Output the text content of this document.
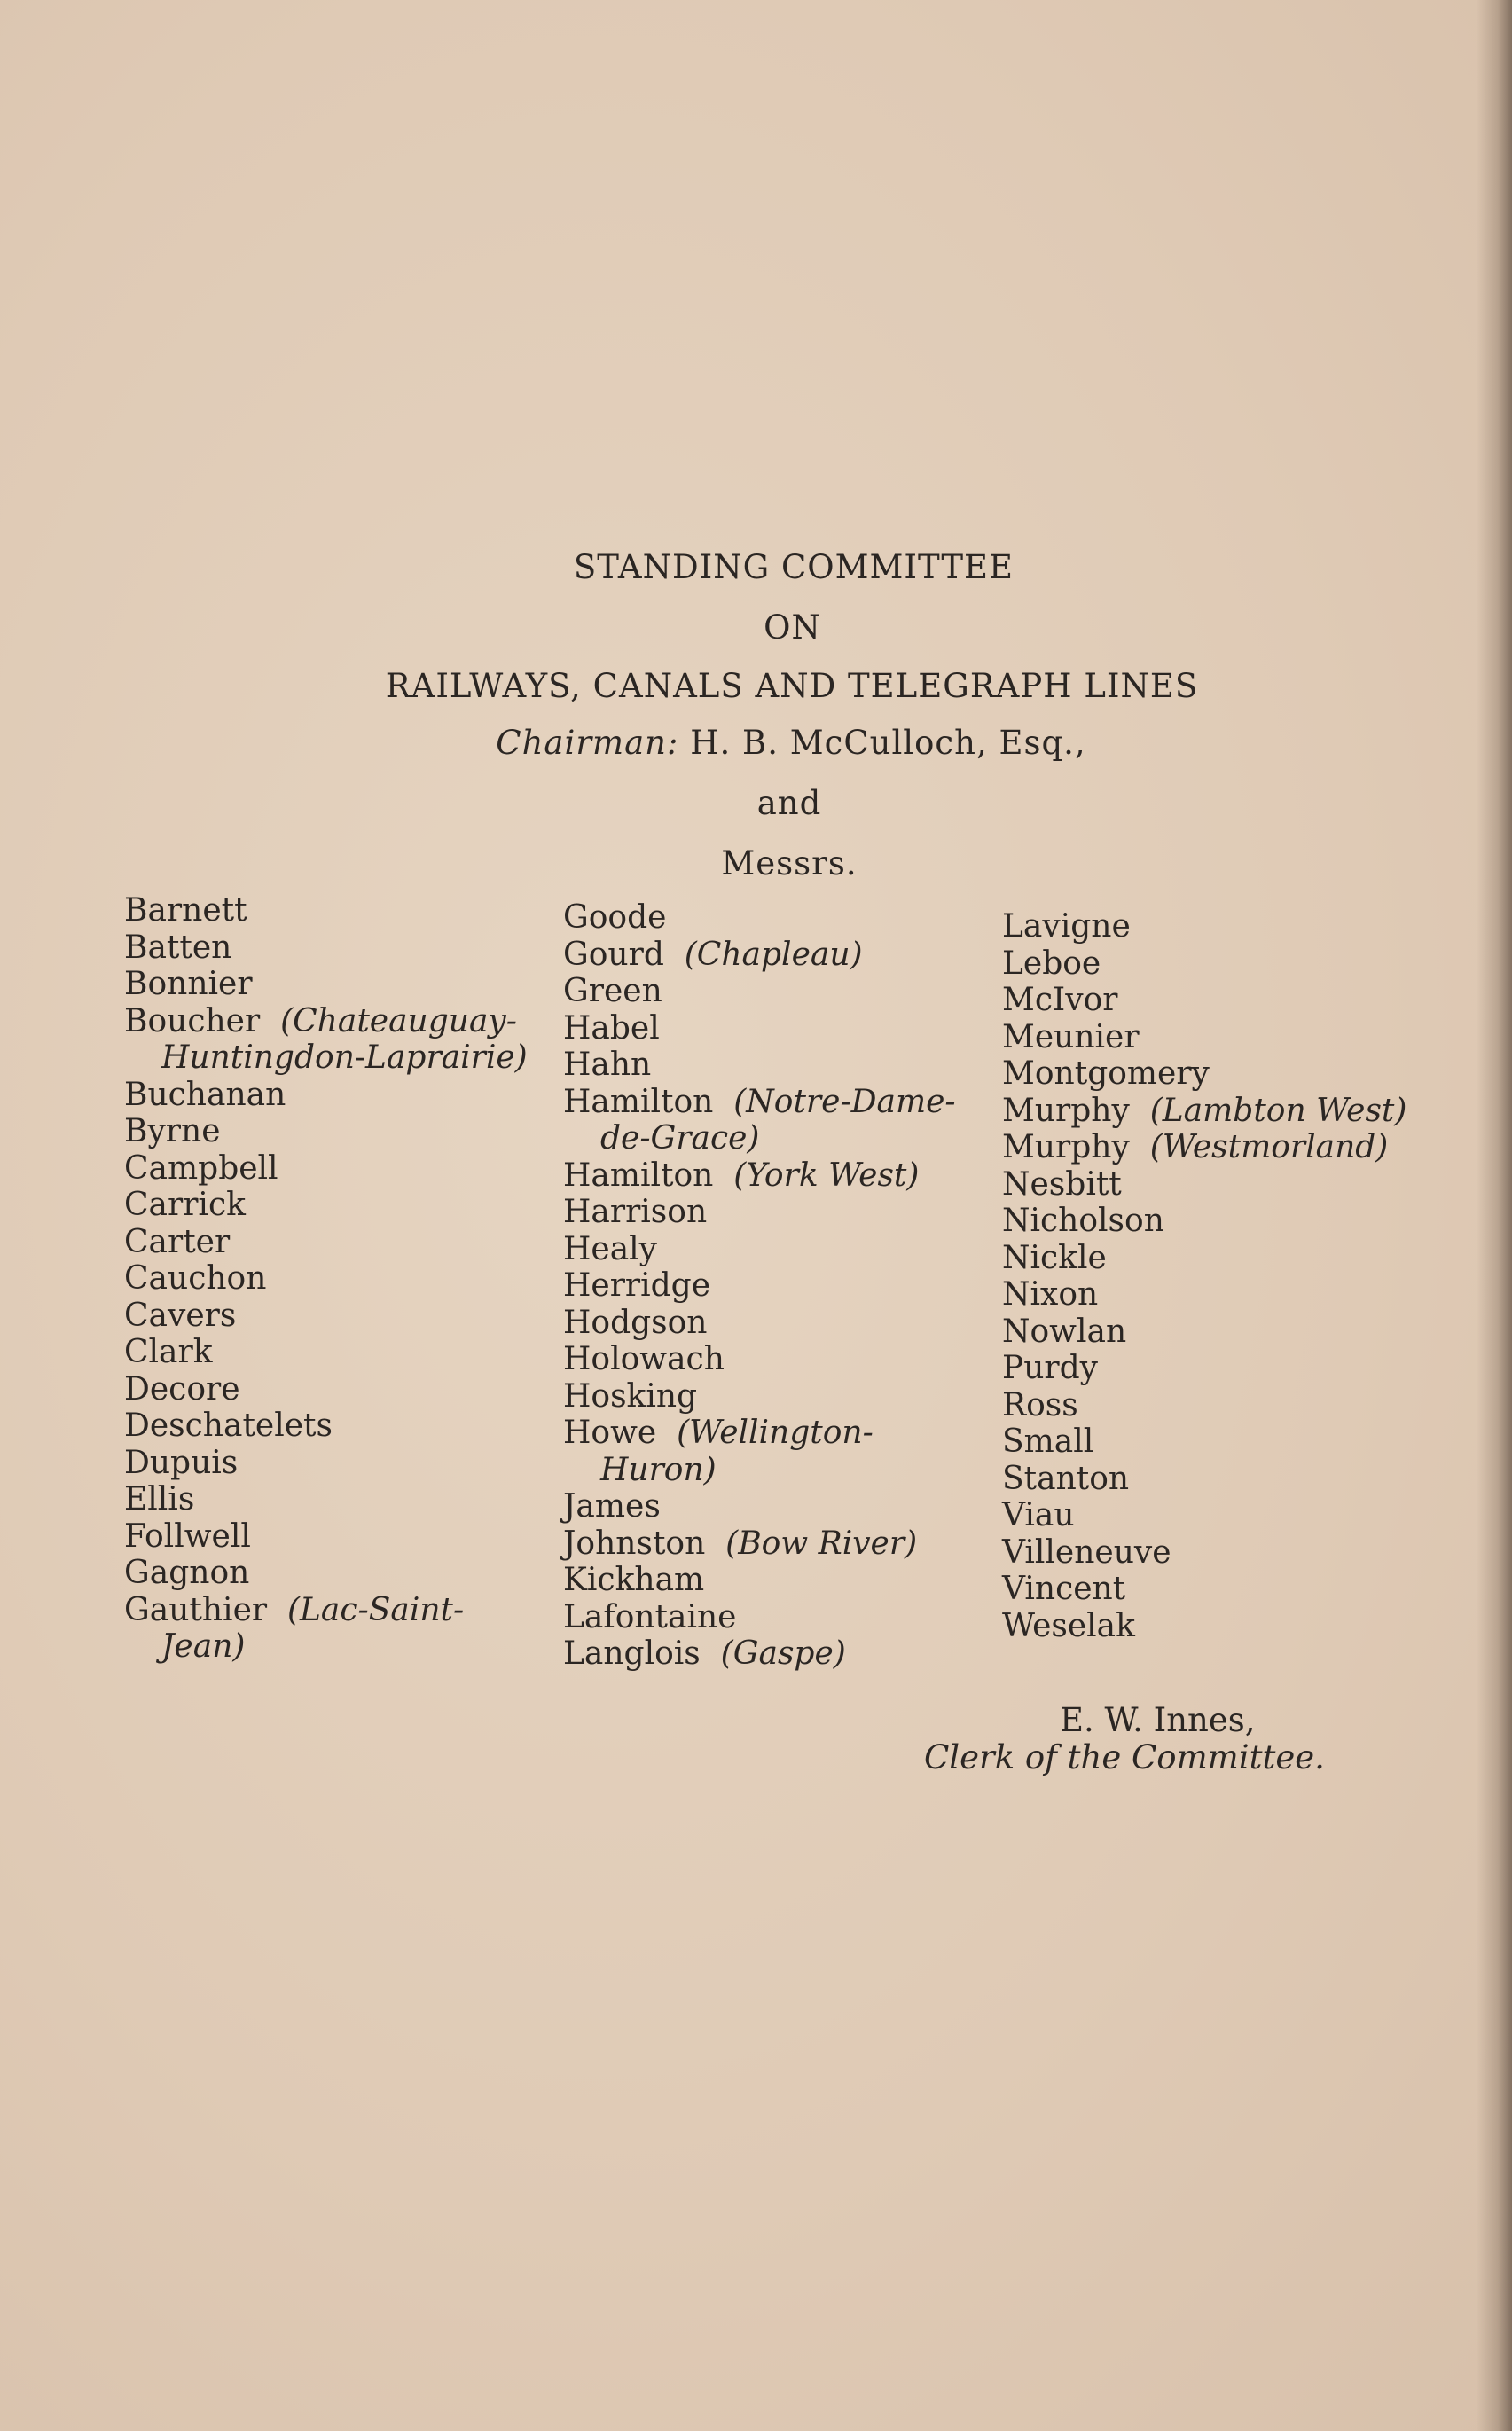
STANDING COMMITTEE
ON
RAILWAYS, CANALS AND TELEGRAPH LINES
Chairman: H. B. McCulloch, Esq.,
and
Messrs.
Barnett
Batten
Bonnier
Boucher (Chateauguay-
Huntingdon-Laprairie)
Buchanan
Byrne
Campbell
Carrick
Carter
Cauchon
Cavers
Clark
Decore
Deschatelets
Dupuis
Ellis
Follwell
Gagnon
Gauthier (Lac-Saint-
Jean)
Goode
Gourd (Chapleau)
Green
Habel
Hahn
Hamilton (Notre-Dame-
de-Grace)
Hamilton (York West)
Harrison
Healy
Herridge
Hodgson
Holowach
Hosking
Howe (Wellington-
Huron)
James
Johnston (Bow River)
Kickham
Lafontaine
Langlois (Gaspe)
Lavigne
Leboe
McIvor
Meunier
Montgomery
Murphy (Lambton West)
Murphy (Westmorland)
Nesbitt
Nicholson
Nickle
Nixon
Nowlan
Purdy
Ross
Small
Stanton
Viau
Villeneuve
Vincent
Weselak
E. W. Innes,
Clerk of the Committee.
